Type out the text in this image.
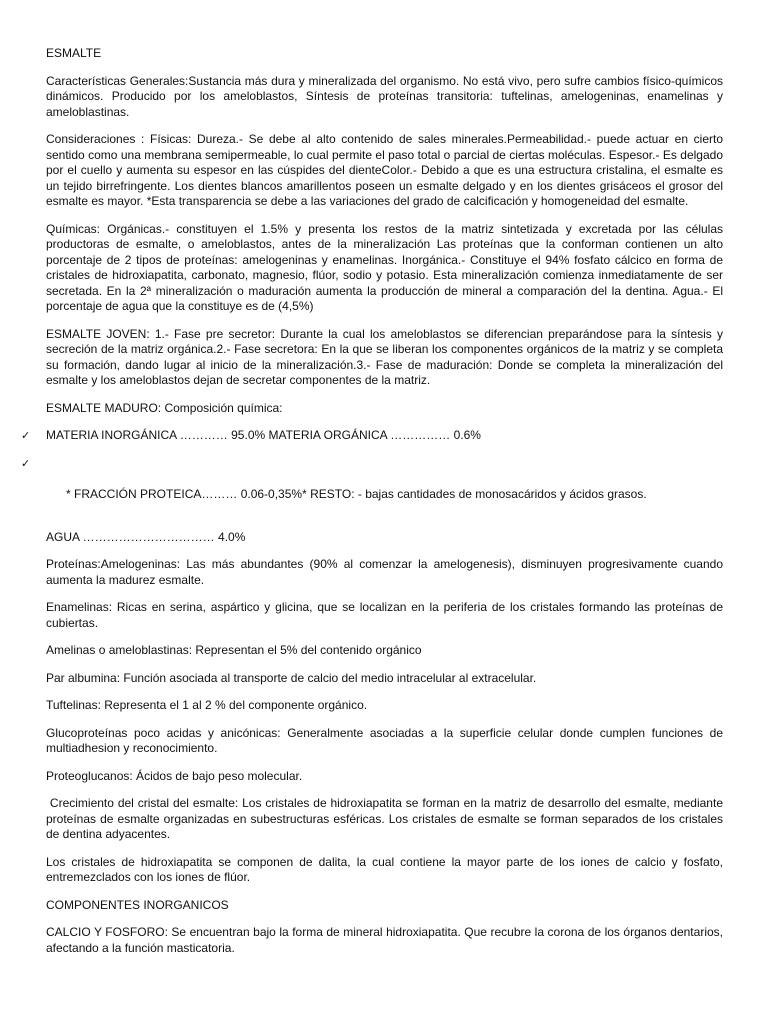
ESMALTE

Características Generales:Sustancia más dura y mineralizada del organismo. No está vivo, pero sufre cambios físico-químicos dinámicos. Producido por los ameloblastos, Síntesis de proteínas transitoria: tuftelinas, amelogeninas, enamelinas y ameloblastinas.

Consideraciones : Físicas: Dureza.- Se debe al alto contenido de sales minerales.Permeabilidad.- puede actuar en cierto sentido como una membrana semipermeable, lo cual permite el paso total o parcial de ciertas moléculas. Espesor.- Es delgado por el cuello y aumenta su espesor en las cúspides del dienteColor.- Debido a que es una estructura cristalina, el esmalte es un tejido birrefringente. Los dientes blancos amarillentos poseen un esmalte delgado y en los dientes grisáceos el grosor del esmalte es mayor. *Esta transparencia se debe a las variaciones del grado de calcificación y homogeneidad del esmalte.

Químicas: Orgánicas.- constituyen el 1.5% y presenta los restos de la matriz sintetizada y excretada por las células productoras de esmalte, o ameloblastos, antes de la mineralización Las proteínas que la conforman contienen un alto porcentaje de 2 tipos de proteínas: amelogeninas y enamelinas. Inorgánica.- Constituye el 94% fosfato cálcico en forma de cristales de hidroxiapatita, carbonato, magnesio, flúor, sodio y potasio. Esta mineralización comienza inmediatamente de ser secretada. En la 2ª mineralización o maduración aumenta la producción de mineral a comparación del la dentina. Agua.- El porcentaje de agua que la constituye es de (4,5%)

ESMALTE JOVEN: 1.- Fase pre secretor: Durante la cual los ameloblastos se diferencian preparándose para la síntesis y secreción de la matriz orgánica.2.- Fase secretora: En la que se liberan los componentes orgánicos de la matriz y se completa su formación, dando lugar al inicio de la mineralización.3.- Fase de maduración: Donde se completa la mineralización del esmalte y los ameloblastos dejan de secretar componentes de la matriz.

ESMALTE MADURO: Composición química:

✓ MATERIA INORGÁNICA ………… 95.0% MATERIA ORGÁNICA …………… 0.6%

✓

* FRACCIÓN PROTEICA……… 0.06-0,35%* RESTO: - bajas cantidades de monosacáridos y ácidos grasos.

AGUA …………………………… 4.0%

Proteínas:Amelogeninas: Las más abundantes (90% al comenzar la amelogenesis), disminuyen progresivamente cuando aumenta la madurez esmalte.

Enamelinas: Ricas en serina, aspártico y glicina, que se localizan en la periferia de los cristales formando las proteínas de cubiertas.

Amelinas o ameloblastinas: Representan el 5% del contenido orgánico

Par albumina: Función asociada al transporte de calcio del medio intracelular al extracelular.

Tuftelinas: Representa el 1 al 2 % del componente orgánico.

Glucoproteínas poco acidas y anicónicas: Generalmente asociadas a la superficie celular donde cumplen funciones de multiadhesion y reconocimiento.

Proteoglucanos: Ácidos de bajo peso molecular.

Crecimiento del cristal del esmalte: Los cristales de hidroxiapatita se forman en la matriz de desarrollo del esmalte, mediante proteínas de esmalte organizadas en subestructuras esféricas. Los cristales de esmalte se forman separados de los cristales de dentina adyacentes.

Los cristales de hidroxiapatita se componen de dalita, la cual contiene la mayor parte de los iones de calcio y fosfato, entremezclados con los iones de flúor.

COMPONENTES INORGANICOS

CALCIO Y FOSFORO: Se encuentran bajo la forma de mineral hidroxiapatita. Que recubre la corona de los órganos dentarios, afectando a la función masticatoria.
